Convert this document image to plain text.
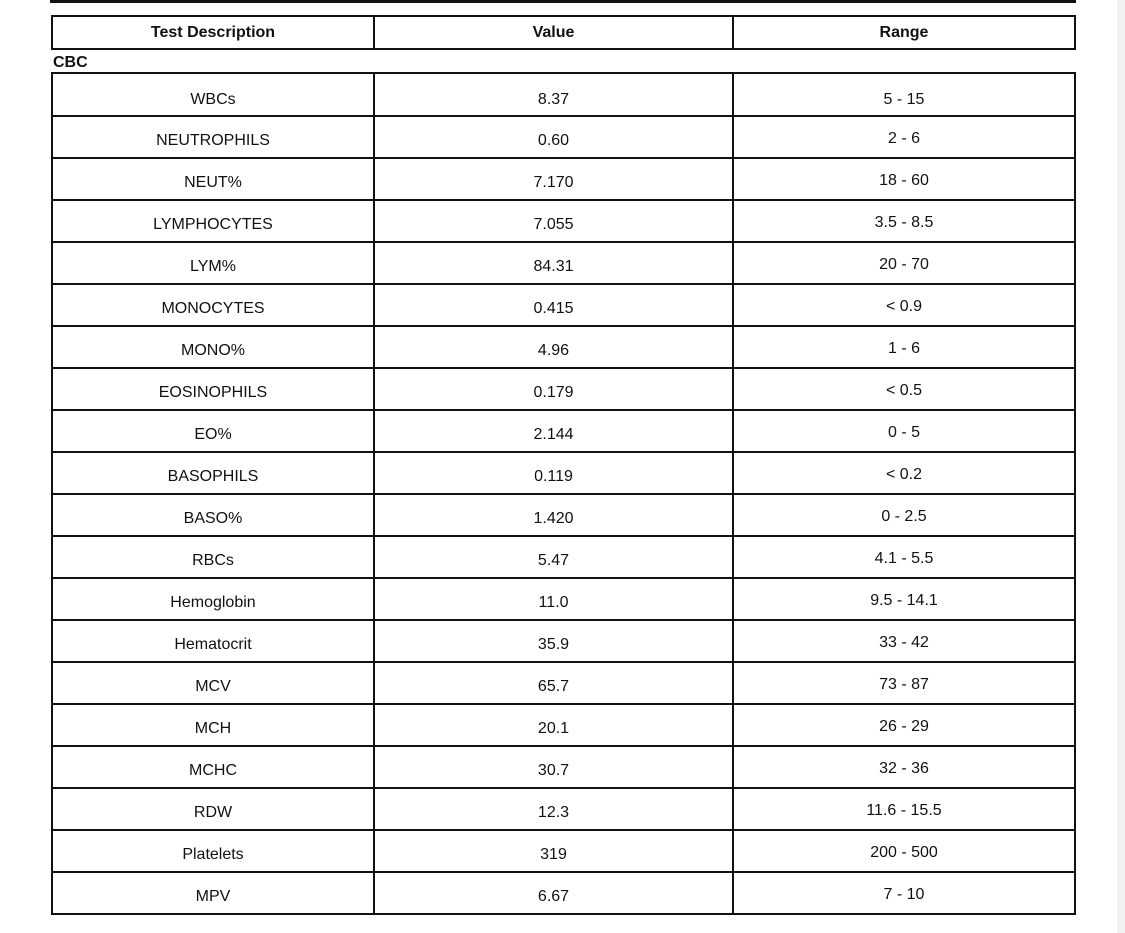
Test Description	Value	Range
CBC
WBCs	8.37	5 - 15
NEUTROPHILS	0.60	2 - 6
NEUT%	7.170	18 - 60
LYMPHOCYTES	7.055	3.5 - 8.5
LYM%	84.31	20 - 70
MONOCYTES	0.415	< 0.9
MONO%	4.96	1 - 6
EOSINOPHILS	0.179	< 0.5
EO%	2.144	0 - 5
BASOPHILS	0.119	< 0.2
BASO%	1.420	0 - 2.5
RBCs	5.47	4.1 - 5.5
Hemoglobin	11.0	9.5 - 14.1
Hematocrit	35.9	33 - 42
MCV	65.7	73 - 87
MCH	20.1	26 - 29
MCHC	30.7	32 - 36
RDW	12.3	11.6 - 15.5
Platelets	319	200 - 500
MPV	6.67	7 - 10
